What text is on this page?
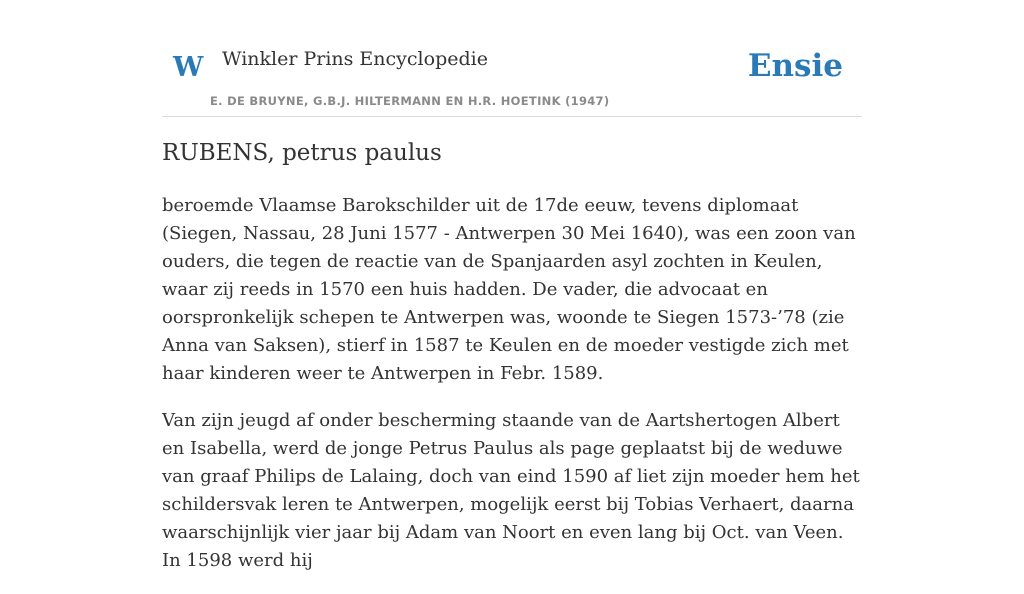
W Winkler Prins Encyclopedie
E. DE BRUYNE, G.B.J. HILTERMANN EN H.R. HOETINK (1947)
Ensie
RUBENS, petrus paulus

beroemde Vlaamse Barokschilder uit de 17de eeuw, tevens diplomaat (Siegen, Nassau, 28 Juni 1577 - Antwerpen 30 Mei 1640), was een zoon van ouders, die tegen de reactie van de Spanjaarden asyl zochten in Keulen, waar zij reeds in 1570 een huis hadden. De vader, die advocaat en oorspronkelijk schepen te Antwerpen was, woonde te Siegen 1573-’78 (zie Anna van Saksen), stierf in 1587 te Keulen en de moeder vestigde zich met haar kinderen weer te Antwerpen in Febr. 1589.

Van zijn jeugd af onder bescherming staande van de Aartshertogen Albert en Isabella, werd de jonge Petrus Paulus als page geplaatst bij de weduwe van graaf Philips de Lalaing, doch van eind 1590 af liet zijn moeder hem het schildersvak leren te Antwerpen, mogelijk eerst bij Tobias Verhaert, daarna waarschijnlijk vier jaar bij Adam van Noort en even lang bij Oct. van Veen. In 1598 werd hij
